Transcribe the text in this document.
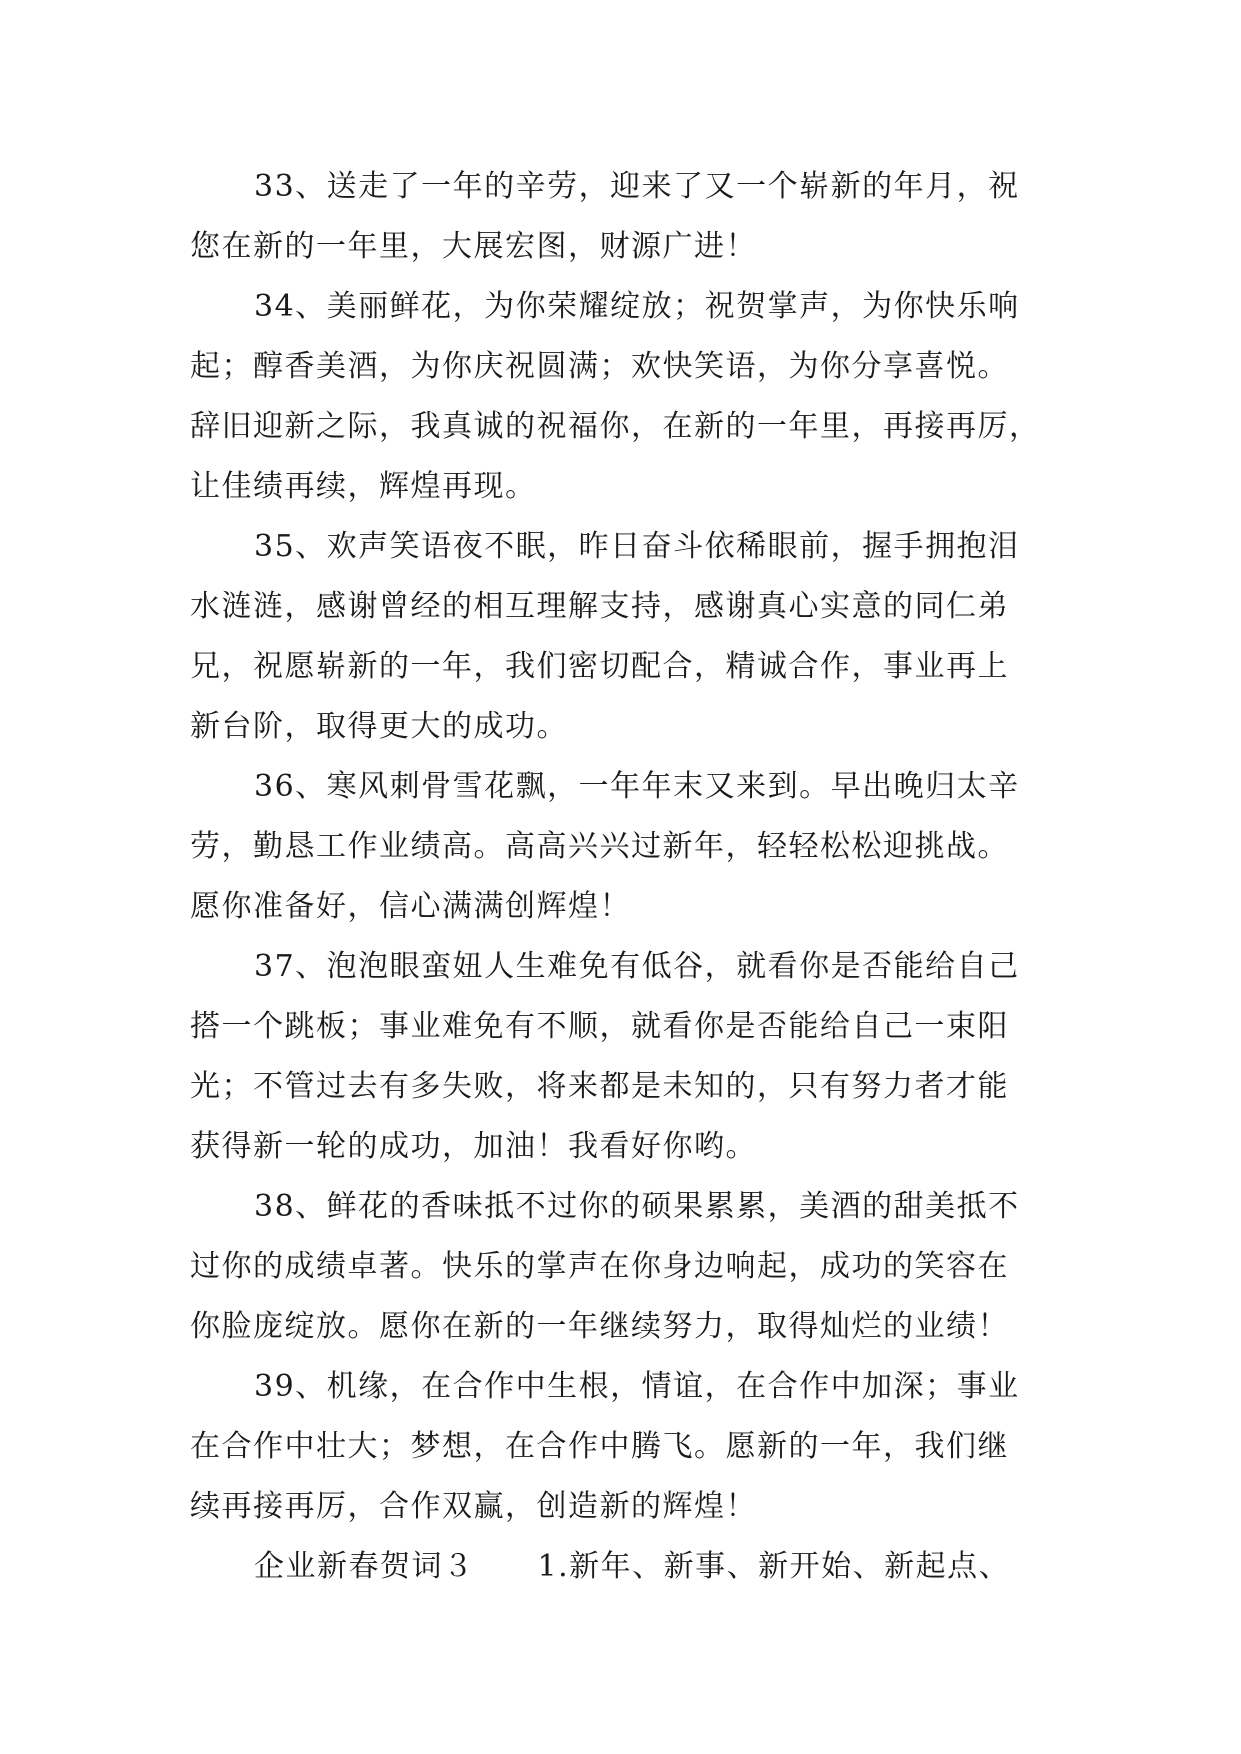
33、送走了一年的辛劳，迎来了又一个崭新的年月，祝
您在新的一年里，大展宏图，财源广进！
34、美丽鲜花，为你荣耀绽放；祝贺掌声，为你快乐响
起；醇香美酒，为你庆祝圆满；欢快笑语，为你分享喜悦。
辞旧迎新之际，我真诚的祝福你，在新的一年里，再接再厉，
让佳绩再续，辉煌再现。
35、欢声笑语夜不眠，昨日奋斗依稀眼前，握手拥抱泪
水涟涟，感谢曾经的相互理解支持，感谢真心实意的同仁弟
兄，祝愿崭新的一年，我们密切配合，精诚合作，事业再上
新台阶，取得更大的成功。
36、寒风刺骨雪花飘，一年年末又来到。早出晚归太辛
劳，勤恳工作业绩高。高高兴兴过新年，轻轻松松迎挑战。
愿你准备好，信心满满创辉煌！
37、泡泡眼蛮妞人生难免有低谷，就看你是否能给自己
搭一个跳板；事业难免有不顺，就看你是否能给自己一束阳
光；不管过去有多失败，将来都是未知的，只有努力者才能
获得新一轮的成功，加油！我看好你哟。
38、鲜花的香味抵不过你的硕果累累，美酒的甜美抵不
过你的成绩卓著。快乐的掌声在你身边响起，成功的笑容在
你脸庞绽放。愿你在新的一年继续努力，取得灿烂的业绩！
39、机缘，在合作中生根，情谊，在合作中加深；事业
在合作中壮大；梦想，在合作中腾飞。愿新的一年，我们继
续再接再厉，合作双赢，创造新的辉煌！
企业新春贺词３　　1.新年、新事、新开始、新起点、
